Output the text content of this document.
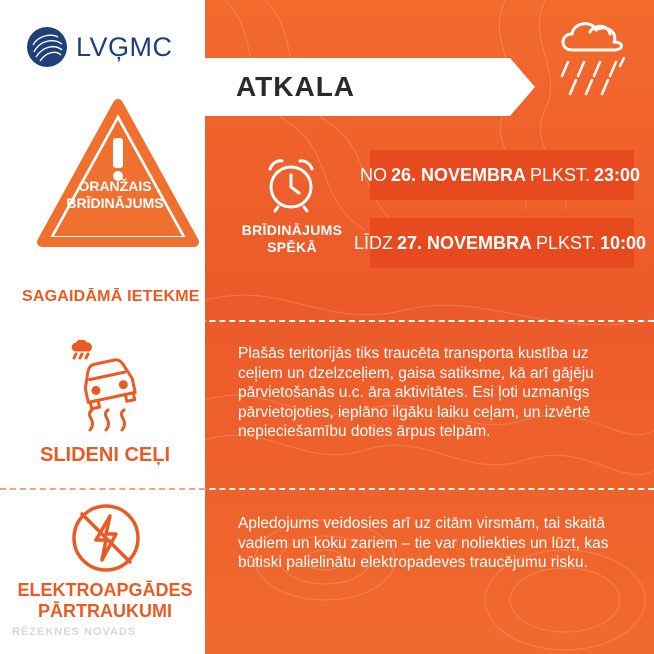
LVĢMC
ATKALA
ORANŽAIS
BRĪDINĀJUMS
SAGAIDĀMĀ IETEKME
BRĪDINĀJUMS
SPĒKĀ
NO 26. NOVEMBRA PLKST. 23:00
LĪDZ 27. NOVEMBRA PLKST. 10:00
SLIDENI CEĻI
Plašās teritorijās tiks traucēta transporta kustība uz ceļiem un dzelzceļiem, gaisa satiksme, kā arī gājēju pārvietošanās u.c. āra aktivitātes. Esi ļoti uzmanīgs pārvietojoties, ieplāno ilgāku laiku ceļam, un izvērtē nepieciešamību doties ārpus telpām.
ELEKTROAPGĀDES
PĀRTRAUKUMI
Apledojums veidosies arī uz citām virsmām, tai skaitā vadiem un koku zariem – tie var noliekties un lūzt, kas būtiski palielinātu elektropadeves traucējumu risku.
RĒZEKNES NOVADS
